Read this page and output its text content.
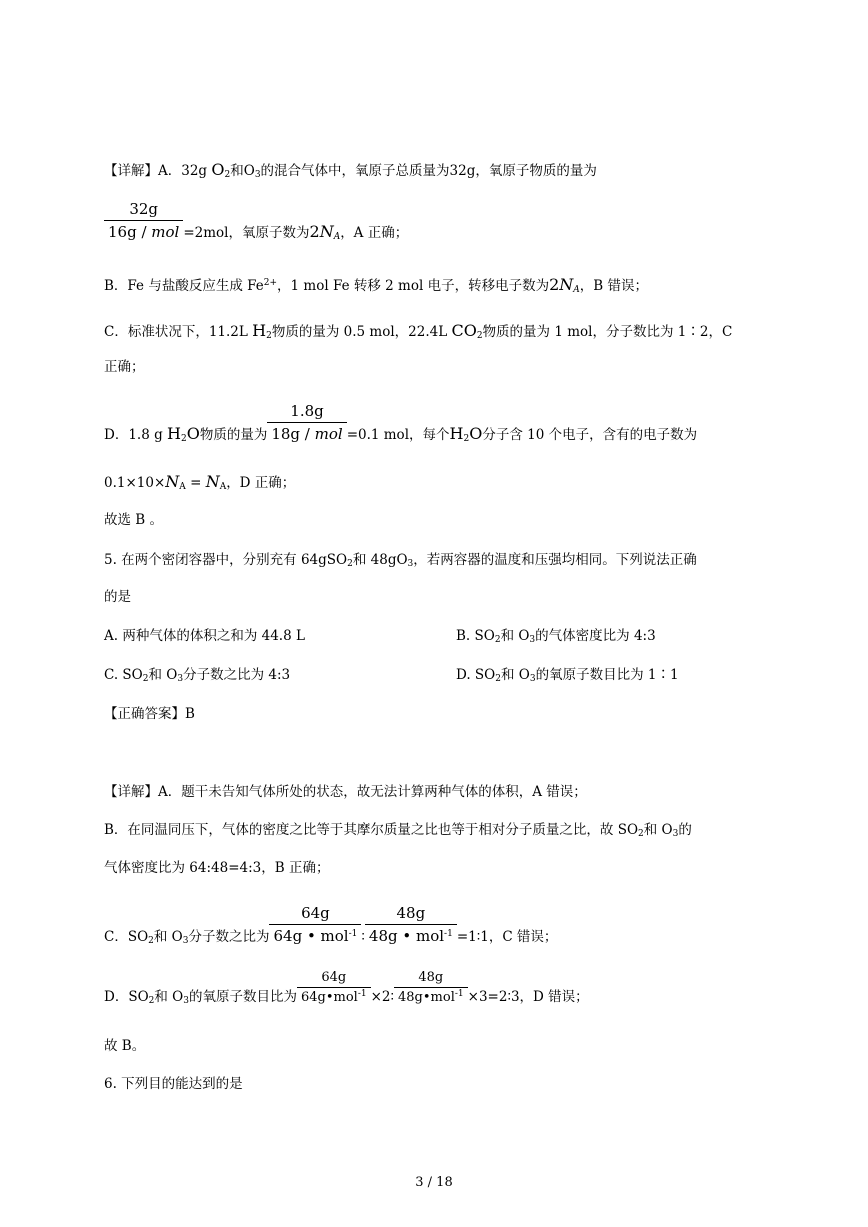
【详解】A．32g $O_2$和$O_3$的混合气体中，氧原子总质量为32g，氧原子物质的量为
$\frac{32g}{\text{16g / mol}} =2mol$，氧原子数为$2N_A$，A 正确；
B．Fe 与盐酸反应生成 $Fe^{2+}$，1 mol Fe 转移 2 mol 电子，转移电子数为$2N_A$，B 错误；
C．标准状况下，11.2L $H_2$物质的量为 0.5 mol，22.4L $CO_2$物质的量为 1 mol，分子数比为 1∶2，C
正确；
D．1.8 g $H_2O$物质的量为 $\frac{1.8g}{\text{18g / mol}} =0.1$ mol，每个$H_2O$分子含 10 个电子，含有的电子数为
$0.1\times 10\times N_A = N_A$，D 正确；
故选 B 。
5. 在两个密闭容器中，分别充有 64gSO$_2$和 $48gO_3$，若两容器的温度和压强均相同。下列说法正确
的是
A. 两种气体的体积之和为 44.8 L	B. $SO_2$和 $O_3$的气体密度比为 4:3
C. $SO_2$和 $O_3$分子数之比为 4:3	D. $SO_2$和 $O_3$的氧原子数目比为 1∶1
【正确答案】B
【详解】A．题干未告知气体所处的状态，故无法计算两种气体的体积，A 错误；
B．在同温同压下，气体的密度之比等于其摩尔质量之比也等于相对分子质量之比，故 $SO_2$和 $O_3$的
气体密度比为 64:48=4:3，B 正确；
C．$SO_2$和 $O_3$分子数之比为 $\frac{64g}{64g • mol^{-1}}$ ∶ $\frac{48g}{48g • mol^{-1}}$ =1∶1，C 错误；
D．$SO_2$和 $O_3$的氧原子数目比为 $\frac{64g}{64g•mol^{-1}}$ ×2∶ $\frac{48g}{48g•mol^{-1}}$ ×3=2∶3，D 错误；
故 B。
6. 下列目的能达到的是
3 / 18
